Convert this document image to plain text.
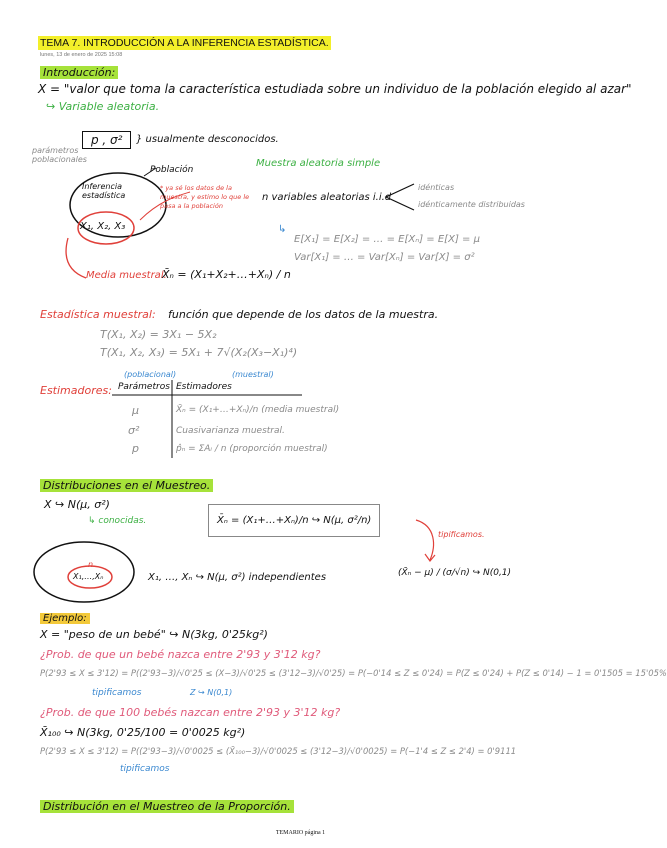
TEMA 7. INTRODUCCIÓN A LA INFERENCIA ESTADÍSTICA.
lunes, 13 de enero de 2025 15:08
Introducción:
X = "valor que toma la característica estudiada sobre un individuo de la población elegido al azar"
↪ Variable aleatoria.
parámetros poblacionales
p , σ²	} usualmente desconocidos.
Población
Inferencia estadística
* ya sé los datos de la muestra, y estimo lo que le pasa a la población
X₁, X₂, X₃
Media muestral:
X̄ₙ = (X₁+X₂+…+Xₙ) / n
Muestra aleatoria simple
n variables aleatorias i.i.d
idénticas
idénticamente distribuidas
↳
E[X₁] = E[X₂] = … = E[Xₙ] = E[X] = μ
Var[X₁] = … = Var[Xₙ] = Var[X] = σ²
Estadística muestral: función que depende de los datos de la muestra.
T(X₁, X₂) = 3X₁ − 5X₂
T(X₁, X₂, X₃) = 5X₁ + 7√(X₂(X₃−X₁)⁴)
(poblacional)	(muestral)
Estimadores: Parámetros Estimadores
μ	X̄ₙ = (X₁+…+Xₙ)/n (media muestral)
σ²	Cuasivarianza muestral.
p	p̂ₙ = ΣAᵢ / n (proporción muestral)
Distribuciones en el Muestreo.
X ↪ N(μ, σ²)
↳ conocidas.	X̄ₙ = (X₁+…+Xₙ)/n ↪ N(μ, σ²/n)
tipificamos.
n
X₁,…,Xₙ	X₁, …, Xₙ ↪ N(μ, σ²) independientes	(X̄ₙ − μ) / (σ/√n) ↪ N(0,1)
Ejemplo:
X = "peso de un bebé" ↪ N(3kg, 0'25kg²)
¿Prob. de que un bebé nazca entre 2'93 y 3'12 kg?
P(2'93 ≤ X ≤ 3'12) = P((2'93−3)/√0'25 ≤ (X−3)/√0'25 ≤ (3'12−3)/√0'25) = P(−0'14 ≤ Z ≤ 0'24) = P(Z ≤ 0'24) + P(Z ≤ 0'14) − 1 = 0'1505 = 15'05%
tipificamos	Z ↪ N(0,1)
¿Prob. de que 100 bebés nazcan entre 2'93 y 3'12 kg?
X̄₁₀₀ ↪ N(3kg, 0'25/100 = 0'0025 kg²)
P(2'93 ≤ X ≤ 3'12) = P((2'93−3)/√0'0025 ≤ (X̄₁₀₀−3)/√0'0025 ≤ (3'12−3)/√0'0025) = P(−1'4 ≤ Z ≤ 2'4) = 0'9111
tipificamos
Distribución en el Muestreo de la Proporción.
TEMARIO página 1
